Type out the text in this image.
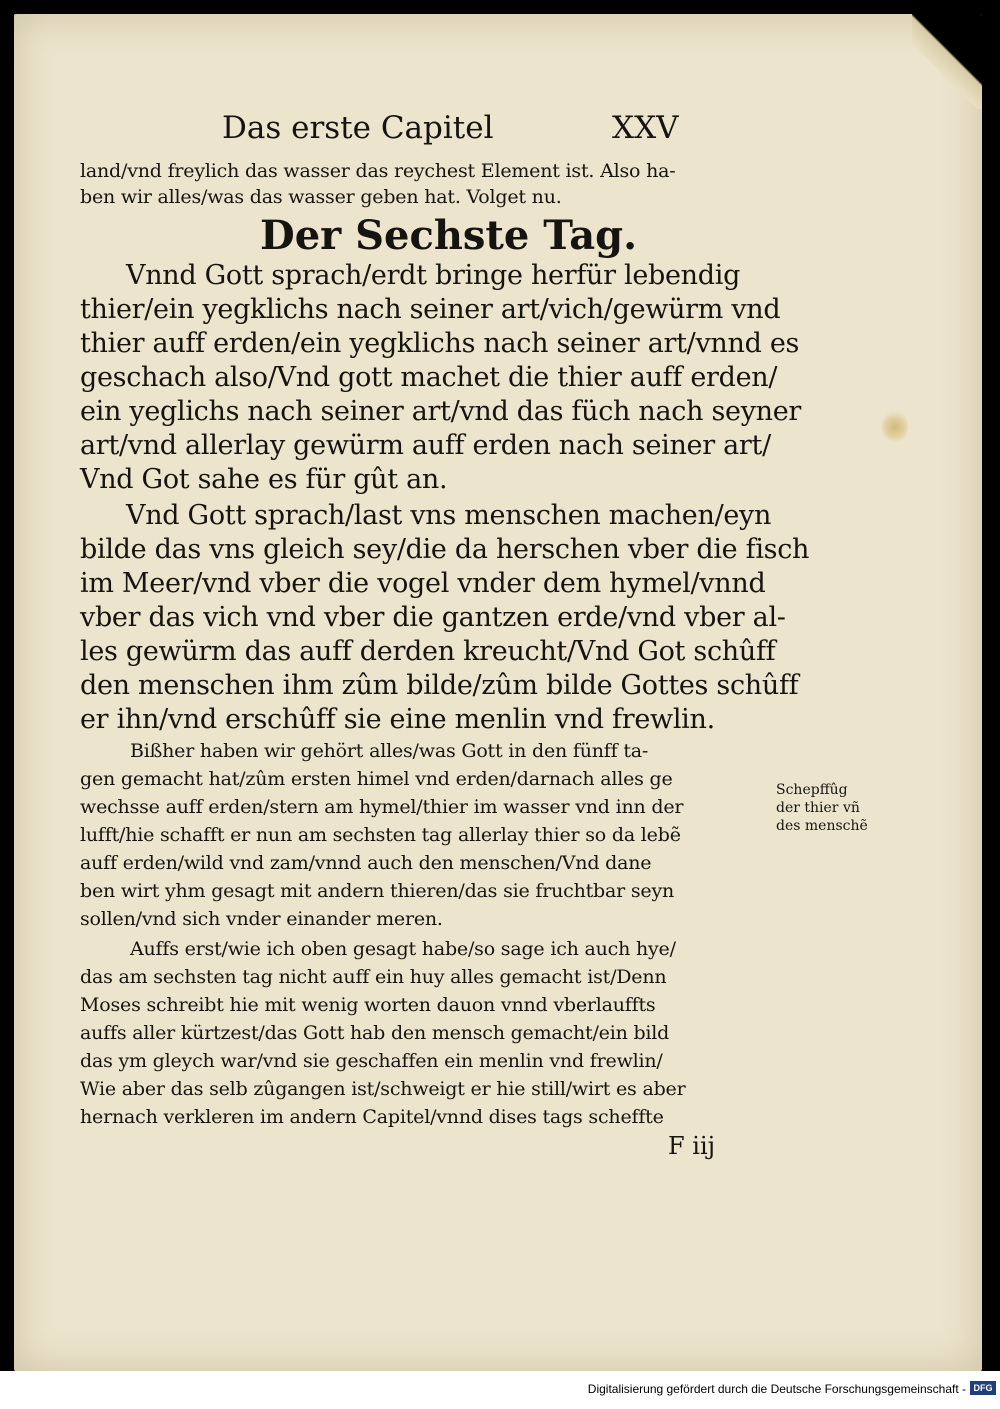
Das erste Capitel	XXV
land/vnd freylich das wasser das reychest Element ist. Also ha-
ben wir alles/was das wasser geben hat. Volget nu.
Der Sechste Tag.
Vnnd Gott sprach/erdt bringe herfür lebendig
thier/ein yegklichs nach seiner art/vich/gewürm vnd
thier auff erden/ein yegklichs nach seiner art/vnnd es
geschach also/Vnd gott machet die thier auff erden/
ein yeglichs nach seiner art/vnd das füch nach seyner
art/vnd allerlay gewürm auff erden nach seiner art/
Vnd Got sahe es für gût an.
Vnd Gott sprach/last vns menschen machen/eyn
bilde das vns gleich sey/die da herschen vber die fisch
im Meer/vnd vber die vogel vnder dem hymel/vnnd
vber das vich vnd vber die gantzen erde/vnd vber al-
les gewürm das auff derden kreucht/Vnd Got schûff
den menschen ihm zûm bilde/zûm bilde Gottes schûff
er ihn/vnd erschûff sie eine menlin vnd frewlin.
Bißher haben wir gehört alles/was Gott in den fünff ta-
gen gemacht hat/zûm ersten himel vnd erden/darnach alles ge
wechsse auff erden/stern am hymel/thier im wasser vnd inn der
lufft/hie schafft er nun am sechsten tag allerlay thier so da lebẽ
auff erden/wild vnd zam/vnnd auch den menschen/Vnd dane
ben wirt yhm gesagt mit andern thieren/das sie fruchtbar seyn
sollen/vnd sich vnder einander meren.
Auffs erst/wie ich oben gesagt habe/so sage ich auch hye/
das am sechsten tag nicht auff ein huy alles gemacht ist/Denn
Moses schreibt hie mit wenig worten dauon vnnd vberlauffts
auffs aller kürtzest/das Gott hab den mensch gemacht/ein bild
das ym gleych war/vnd sie geschaffen ein menlin vnd frewlin/
Wie aber das selb zûgangen ist/schweigt er hie still/wirt es aber
hernach verkleren im andern Capitel/vnnd dises tags scheffte
Schepffûg
der thier vñ
des menschẽ
F iij
Digitalisierung gefördert durch die Deutsche Forschungsgemeinschaft - DFG
